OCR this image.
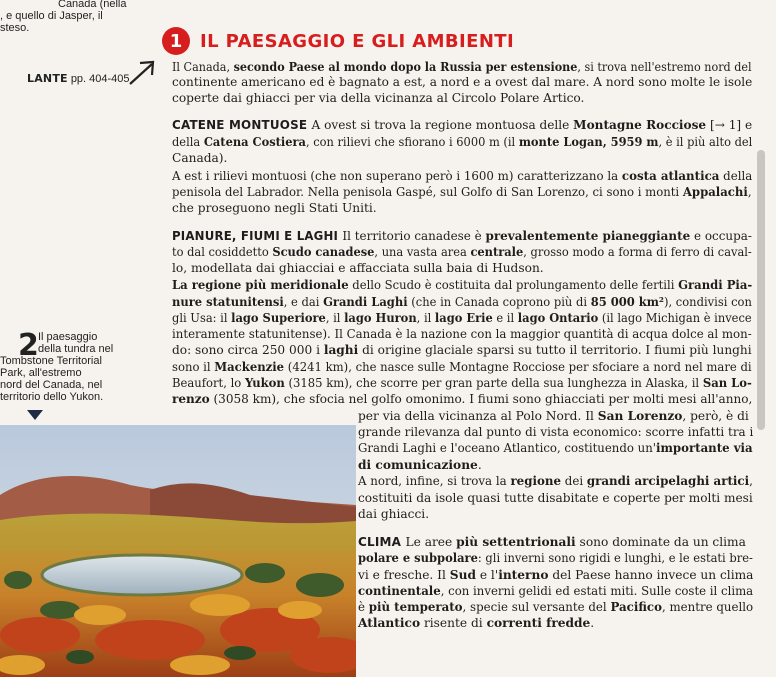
Canada (nella
, e quello di Jasper, il
steso.
1 IL PAESAGGIO E GLI AMBIENTI
LANTE pp. 404-405
Il Canada, secondo Paese al mondo dopo la Russia per estensione, si trova nell'estremo nord del
continente americano ed è bagnato a est, a nord e a ovest dal mare. A nord sono molte le isole
coperte dai ghiacci per via della vicinanza al Circolo Polare Artico.
CATENE MONTUOSE A ovest si trova la regione montuosa delle Montagne Rocciose [→ 1] e
della Catena Costiera, con rilievi che sfiorano i 6000 m (il monte Logan, 5959 m, è il più alto del
Canada).
A est i rilievi montuosi (che non superano però i 1600 m) caratterizzano la costa atlantica della
penisola del Labrador. Nella penisola Gaspé, sul Golfo di San Lorenzo, ci sono i monti Appalachi,
che proseguono negli Stati Uniti.
PIANURE, FIUMI E LAGHI Il territorio canadese è prevalentemente pianeggiante e occupa-
to dal cosiddetto Scudo canadese, una vasta area centrale, grosso modo a forma di ferro di caval-
lo, modellata dai ghiacciai e affacciata sulla baia di Hudson.
La regione più meridionale dello Scudo è costituita dal prolungamento delle fertili Grandi Pia-
nure statunitensi, e dai Grandi Laghi (che in Canada coprono più di 85 000 km²), condivisi con
gli Usa: il lago Superiore, il lago Huron, il lago Erie e il lago Ontario (il lago Michigan è invece
interamente statunitense). Il Canada è la nazione con la maggior quantità di acqua dolce al mon-
do: sono circa 250 000 i laghi di origine glaciale sparsi su tutto il territorio. I fiumi più lunghi
sono il Mackenzie (4241 km), che nasce sulle Montagne Rocciose per sfociare a nord nel mare di
Beaufort, lo Yukon (3185 km), che scorre per gran parte della sua lunghezza in Alaska, il San Lo-
renzo (3058 km), che sfocia nel golfo omonimo. I fiumi sono ghiacciati per molti mesi all'anno,
per via della vicinanza al Polo Nord. Il San Lorenzo, però, è di
grande rilevanza dal punto di vista economico: scorre infatti tra i
Grandi Laghi e l'oceano Atlantico, costituendo un'importante via
di comunicazione.
A nord, infine, si trova la regione dei grandi arcipelaghi artici,
costituiti da isole quasi tutte disabitate e coperte per molti mesi
dai ghiacci.
CLIMA Le aree più settentrionali sono dominate da un clima
polare e subpolare: gli inverni sono rigidi e lunghi, e le estati bre-
vi e fresche. Il Sud e l'interno del Paese hanno invece un clima
continentale, con inverni gelidi ed estati miti. Sulle coste il clima
è più temperato, specie sul versante del Pacifico, mentre quello
Atlantico risente di correnti fredde.
2 Il paesaggio
della tundra nel
Tombstone Territorial
Park, all'estremo
nord del Canada, nel
territorio dello Yukon.
